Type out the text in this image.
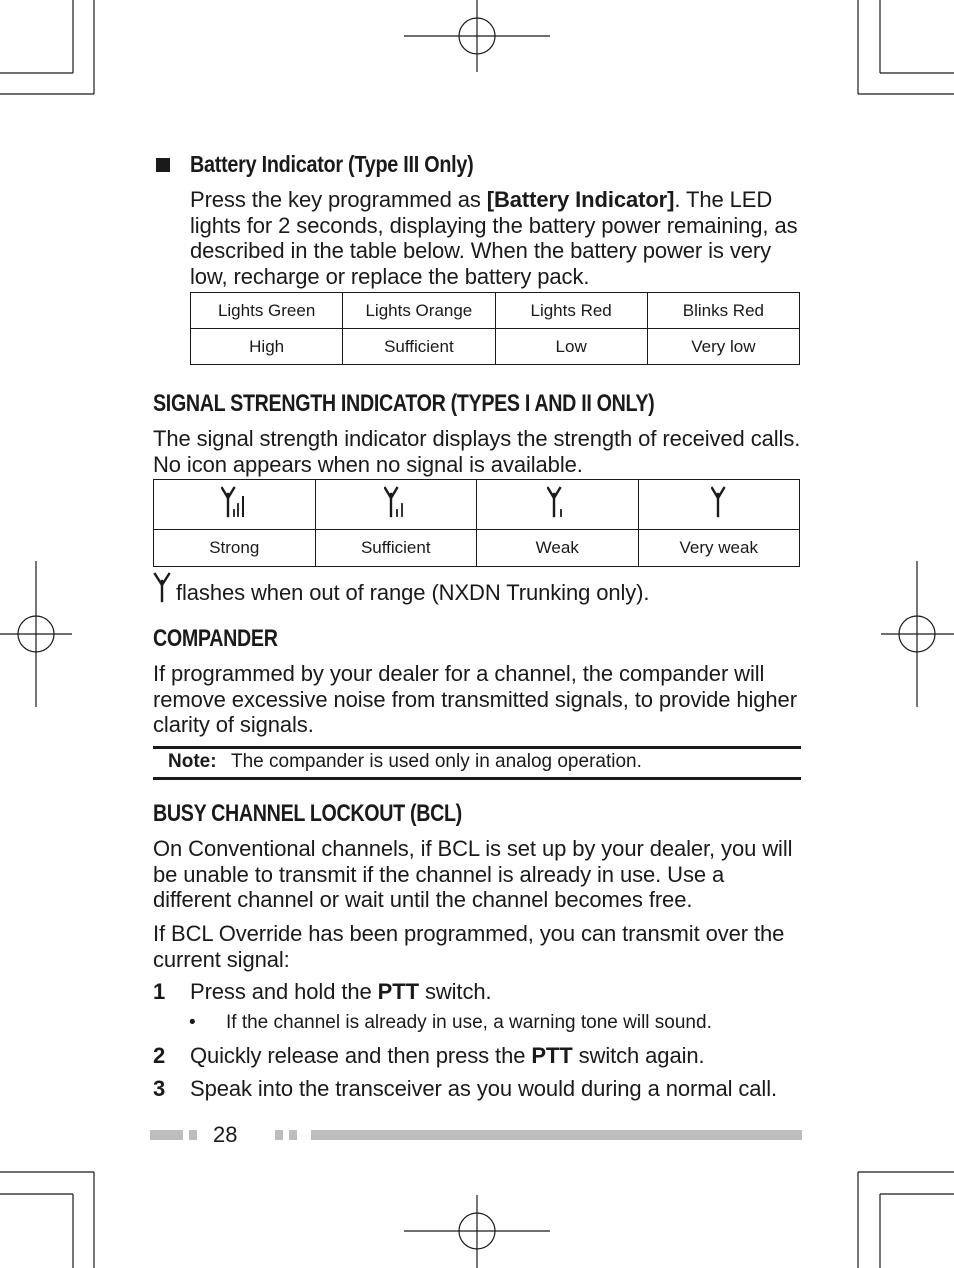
Battery Indicator (Type III Only)
Press the key programmed as [Battery Indicator]. The LED lights for 2 seconds, displaying the battery power remaining, as described in the table below. When the battery power is very low, recharge or replace the battery pack.
Lights Green	Lights Orange	Lights Red	Blinks Red
High	Sufficient	Low	Very low
SIGNAL STRENGTH INDICATOR (TYPES I AND II ONLY)
The signal strength indicator displays the strength of received calls. No icon appears when no signal is available.

Strong	Sufficient	Weak	Very weak
flashes when out of range (NXDN Trunking only).
COMPANDER
If programmed by your dealer for a channel, the compander will remove excessive noise from transmitted signals, to provide higher clarity of signals.
Note: The compander is used only in analog operation.
BUSY CHANNEL LOCKOUT (BCL)
On Conventional channels, if BCL is set up by your dealer, you will be unable to transmit if the channel is already in use. Use a different channel or wait until the channel becomes free.
If BCL Override has been programmed, you can transmit over the current signal:
1 Press and hold the PTT switch.
• If the channel is already in use, a warning tone will sound.
2 Quickly release and then press the PTT switch again.
3 Speak into the transceiver as you would during a normal call.
28
